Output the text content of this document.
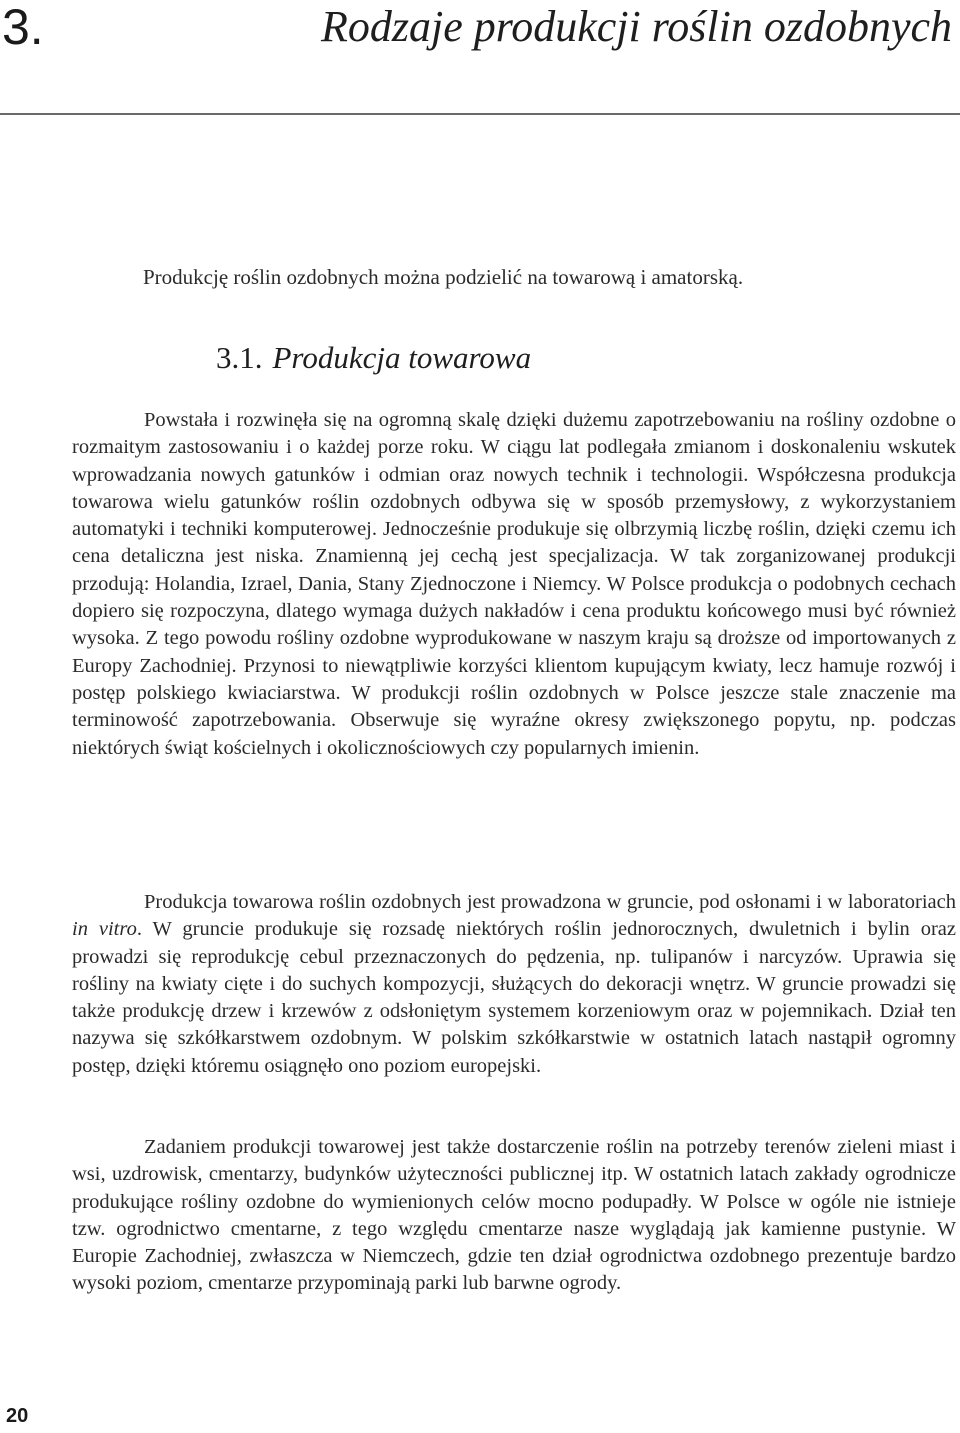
3.	Rodzaje produkcji roślin ozdobnych
Produkcję roślin ozdobnych można podzielić na towarową i amatorską.
3.1. Produkcja towarowa

Powstała i rozwinęła się na ogromną skalę dzięki dużemu zapotrzebowaniu na rośliny ozdobne o rozmaitym zastosowaniu i o każdej porze roku. W ciągu lat podlegała zmianom i doskonaleniu wskutek wprowadzania nowych gatunków i odmian oraz nowych technik i technologii. Współczesna produkcja towarowa wielu gatunków roślin ozdobnych odbywa się w sposób przemysłowy, z wykorzystaniem automatyki i techniki komputerowej. Jednocześnie produkuje się olbrzymią liczbę roślin, dzięki czemu ich cena detaliczna jest niska. Znamienną jej cechą jest specjalizacja. W tak zorganizowanej produkcji przodują: Holandia, Izrael, Dania, Stany Zjednoczone i Niemcy. W Polsce produkcja o podobnych cechach dopiero się rozpoczyna, dlatego wymaga dużych nakładów i cena produktu końcowego musi być również wysoka. Z tego powodu rośliny ozdobne wyprodukowane w naszym kraju są droższe od importowanych z Europy Zachodniej. Przynosi to niewątpliwie korzyści klientom kupującym kwiaty, lecz hamuje rozwój i postęp polskiego kwiaciarstwa. W produkcji roślin ozdobnych w Polsce jeszcze stale znaczenie ma terminowość zapotrzebowania. Obserwuje się wyraźne okresy zwiększonego popytu, np. podczas niektórych świąt kościelnych i okolicznościowych czy popularnych imienin.

Produkcja towarowa roślin ozdobnych jest prowadzona w gruncie, pod osłonami i w laboratoriach in vitro. W gruncie produkuje się rozsadę niektórych roślin jednorocznych, dwuletnich i bylin oraz prowadzi się reprodukcję cebul przeznaczonych do pędzenia, np. tulipanów i narcyzów. Uprawia się rośliny na kwiaty cięte i do suchych kompozycji, służących do dekoracji wnętrz. W gruncie prowadzi się także produkcję drzew i krzewów z odsłoniętym systemem korzeniowym oraz w pojemnikach. Dział ten nazywa się szkółkarstwem ozdobnym. W polskim szkółkarstwie w ostatnich latach nastąpił ogromny postęp, dzięki któremu osiągnęło ono poziom europejski.

Zadaniem produkcji towarowej jest także dostarczenie roślin na potrzeby terenów zieleni miast i wsi, uzdrowisk, cmentarzy, budynków użyteczności publicznej itp. W ostatnich latach zakłady ogrodnicze produkujące rośliny ozdobne do wymienionych celów mocno podupadły. W Polsce w ogóle nie istnieje tzw. ogrodnictwo cmentarne, z tego względu cmentarze nasze wyglądają jak kamienne pustynie. W Europie Zachodniej, zwłaszcza w Niemczech, gdzie ten dział ogrodnictwa ozdobnego prezentuje bardzo wysoki poziom, cmentarze przypominają parki lub barwne ogrody.

20
